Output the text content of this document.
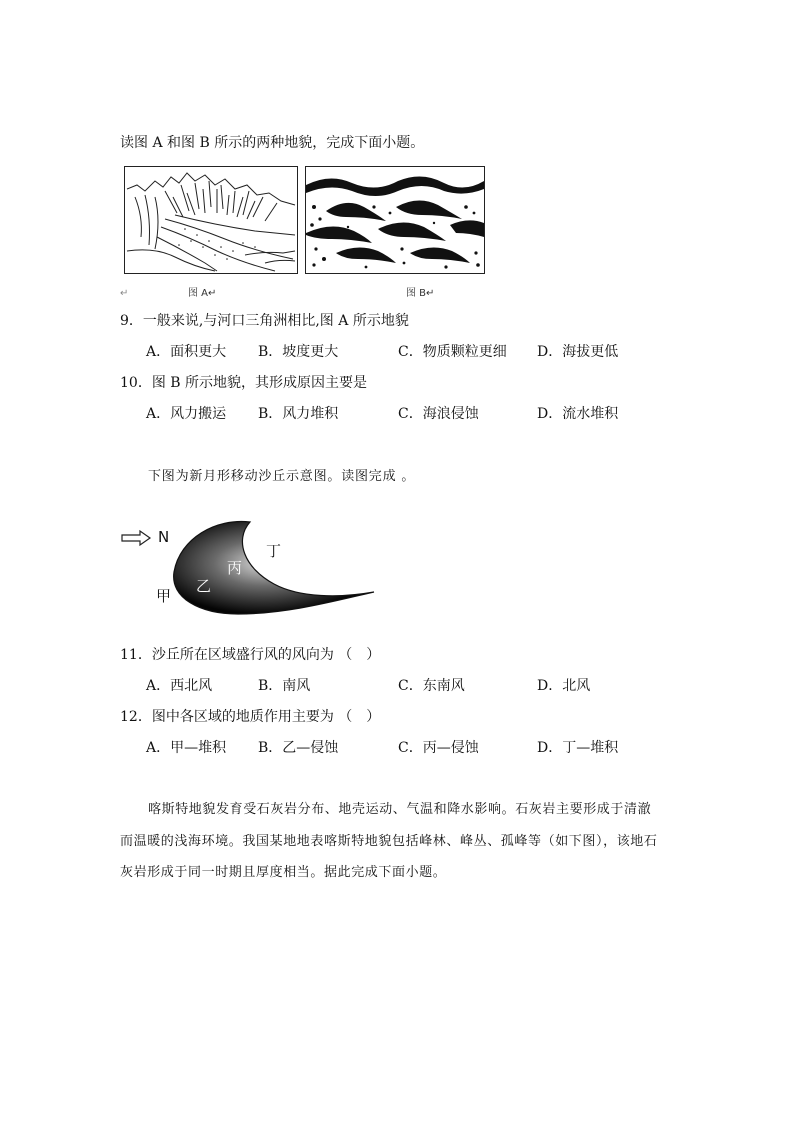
读图 A 和图 B 所示的两种地貌，完成下面小题。
图 A↵
↵	图 B↵
9．一般来说,与河口三角洲相比,图 A 所示地貌
A．面积更大 B．坡度更大	C．物质颗粒更细 D．海拔更低
10．图 B 所示地貌，其形成原因主要是
A．风力搬运 B．风力堆积	C．海浪侵蚀	D．流水堆积
下图为新月形移动沙丘示意图。读图完成 。
N
甲
乙
丙
丁
11．沙丘所在区域盛行风的风向为 （　）
A．西北风	B．南风	C．东南风	D．北风
12．图中各区域的地质作用主要为 （　）
A．甲—堆积 B．乙—侵蚀	C．丙—侵蚀	D．丁—堆积
喀斯特地貌发育受石灰岩分布、地壳运动、气温和降水影响。石灰岩主要形成于清澈
而温暖的浅海环境。我国某地地表喀斯特地貌包括峰林、峰丛、孤峰等（如下图），该地石
灰岩形成于同一时期且厚度相当。据此完成下面小题。
